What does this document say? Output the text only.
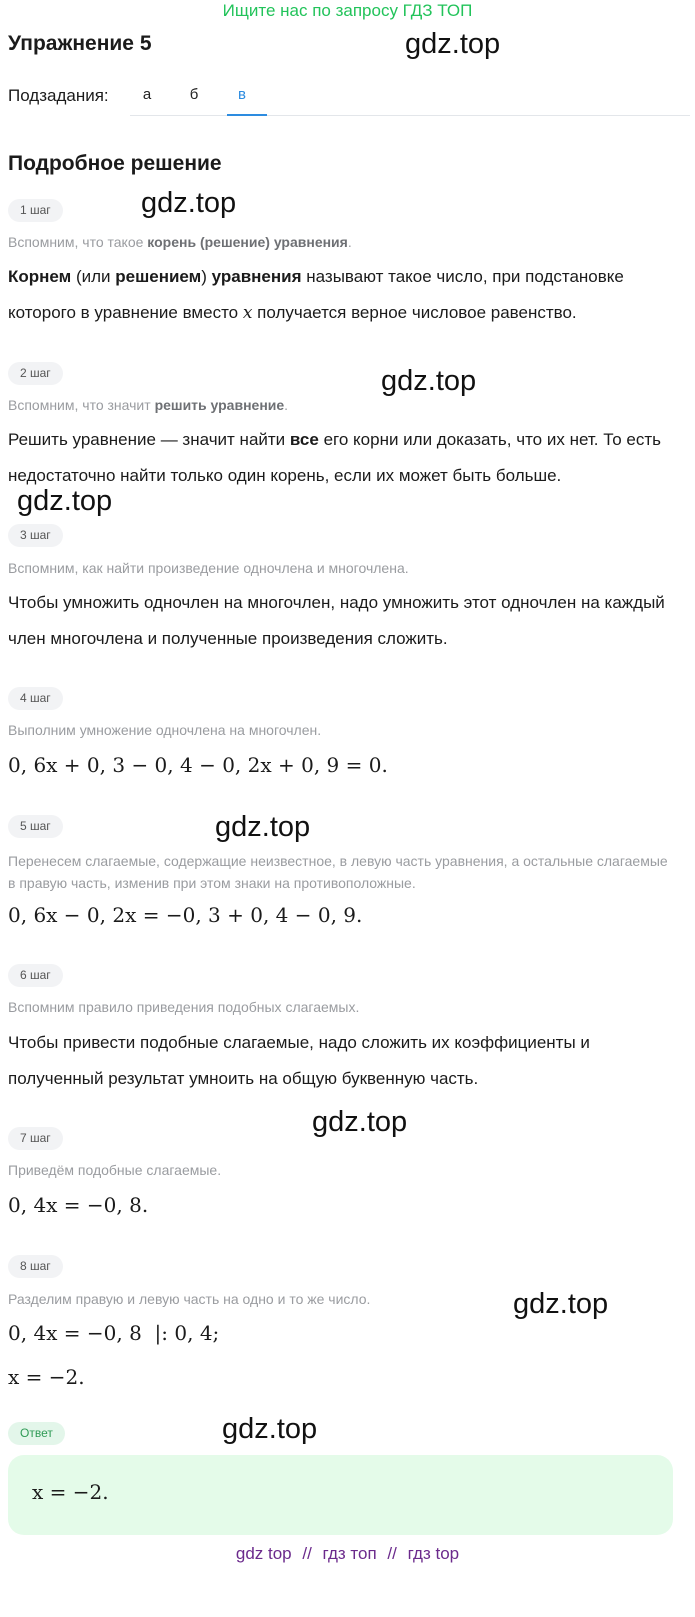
Ищите нас по запросу ГДЗ ТОП
Упражнение 5	gdz.top
Подзадания:	а	б	в
Подробное решение
1 шаг	gdz.top
Вспомним, что такое корень (решение) уравнения.
Корнем (или решением) уравнения называют такое число, при подстановке которого в уравнение вместо x получается верное числовое равенство.
2 шаг	gdz.top
Вспомним, что значит решить уравнение.
Решить уравнение — значит найти все его корни или доказать, что их нет. То есть недостаточно найти только один корень, если их может быть больше.
gdz.top
3 шаг
Вспомним, как найти произведение одночлена и многочлена.
Чтобы умножить одночлен на многочлен, надо умножить этот одночлен на каждый член многочлена и полученные произведения сложить.
4 шаг
Выполним умножение одночлена на многочлен.
0, 6x + 0, 3 − 0, 4 − 0, 2x + 0, 9 = 0.
5 шаг	gdz.top
Перенесем слагаемые, содержащие неизвестное, в левую часть уравнения, а остальные слагаемые в правую часть, изменив при этом знаки на противоположные.
0, 6x − 0, 2x = −0, 3 + 0, 4 − 0, 9.
6 шаг
Вспомним правило приведения подобных слагаемых.
Чтобы привести подобные слагаемые, надо сложить их коэффициенты и полученный результат умноить на общую буквенную часть.
gdz.top
7 шаг
Приведём подобные слагаемые.
0, 4x = −0, 8.
8 шаг
Разделим правую и левую часть на одно и то же число.	gdz.top
0, 4x = −0, 8  |: 0, 4;
x = −2.
Ответ	gdz.top
x = −2.
gdz top // гдз топ // гдз top
